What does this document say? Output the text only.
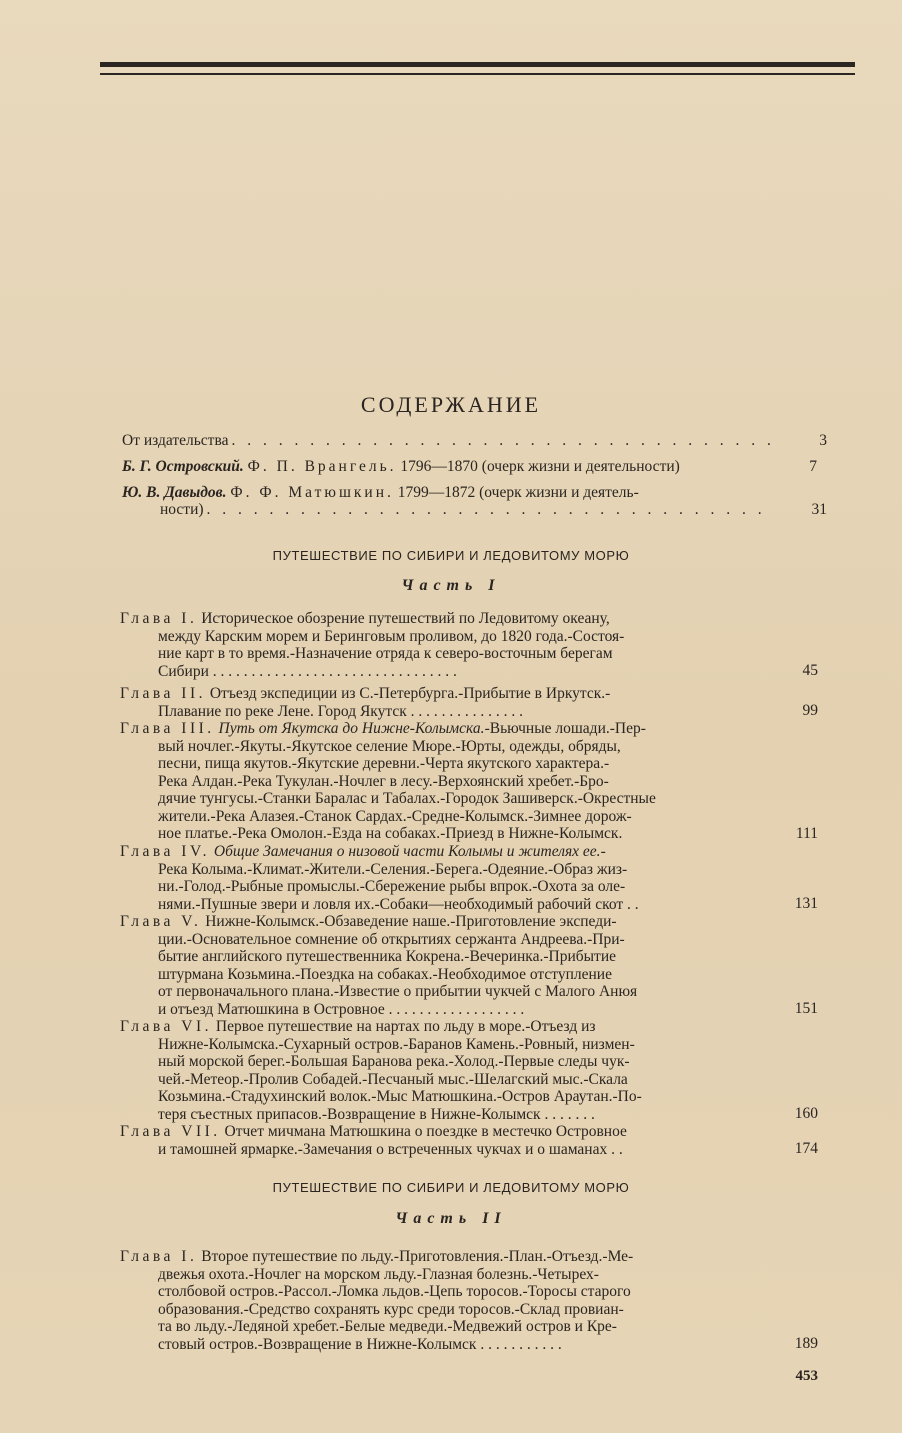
СОДЕРЖАНИЕ
От издательства . . .	3
Б. Г. Островский.
Ф. П. Врангель.
1796—1870 (очерк жизни и деятельности)	7
Ю. В. Давыдов.
Ф. Ф. Матюшкин.
1799—1872 (очерк жизни и деятель-
ности) . . .	31
ПУТЕШЕСТВИЕ ПО СИБИРИ И ЛЕДОВИТОМУ МОРЮ
Часть I
Глава I. Историческое обозрение путешествий по Ледовитому океану,
между Карским морем и Беринговым проливом, до 1820 года.-Состоя-
ние карт в то время.-Назначение отряда к северо-восточным берегам
Сибири . . . . . . . . . . . . . . . . . . . . . . . . . . . . . . . .	45
Глава II. Отъезд экспедиции из С.-Петербурга.-Прибытие в Иркутск.-
Плавание по реке Лене. Город Якутск . . . . . . . . . . . . . . .	99
Глава III. Путь от Якутска до Нижне-Колымска.-Вьючные лошади.-Пер-
вый ночлег.-Якуты.-Якутское селение Мюре.-Юрты, одежды, обряды,
песни, пища якутов.-Якутские деревни.-Черта якутского характера.-
Река Алдан.-Река Тукулан.-Ночлег в лесу.-Верхоянский хребет.-Бро-
дячие тунгусы.-Станки Баралас и Табалах.-Городок Зашиверск.-Окрестные
жители.-Река Алазея.-Станок Сардах.-Средне-Колымск.-Зимнее дорож-
ное платье.-Река Омолон.-Езда на собаках.-Приезд в Нижне-Колымск.	111
Глава IV. Общие Замечания о низовой части Колымы и жителях ее.-
Река Колыма.-Климат.-Жители.-Селения.-Берега.-Одеяние.-Образ жиз-
ни.-Голод.-Рыбные промыслы.-Сбережение рыбы впрок.-Охота за оле-
нями.-Пушные звери и ловля их.-Собаки—необходимый рабочий скот . .	131
Глава V. Нижне-Колымск.-Обзаведение наше.-Приготовление экспеди-
ции.-Основательное сомнение об открытиях сержанта Андреева.-При-
бытие английского путешественника Кокрена.-Вечеринка.-Прибытие
штурмана Козьмина.-Поездка на собаках.-Необходимое отступление
от первоначального плана.-Известие о прибытии чукчей с Малого Анюя
и отъезд Матюшкина в Островное . . . . . . . . . . . . . . . . . .	151
Глава VI. Первое путешествие на нартах по льду в море.-Отъезд из
Нижне-Колымска.-Сухарный остров.-Баранов Камень.-Ровный, низмен-
ный морской берег.-Большая Баранова река.-Холод.-Первые следы чук-
чей.-Метеор.-Пролив Собадей.-Песчаный мыс.-Шелагский мыс.-Скала
Козьмина.-Стадухинский волок.-Мыс Матюшкина.-Остров Араутан.-По-
теря съестных припасов.-Возвращение в Нижне-Колымск . . . . . . .	160
Глава VII. Отчет мичмана Матюшкина о поездке в местечко Островное
и тамошней ярмарке.-Замечания о встреченных чукчах и о шаманах . .	174
ПУТЕШЕСТВИЕ ПО СИБИРИ И ЛЕДОВИТОМУ МОРЮ
Часть II
Глава I. Второе путешествие по льду.-Приготовления.-План.-Отъезд.-Ме-
двежья охота.-Ночлег на морском льду.-Глазная болезнь.-Четырех-
столбовой остров.-Рассол.-Ломка льдов.-Цепь торосов.-Торосы старого
образования.-Средство сохранять курс среди торосов.-Склад провиан-
та во льду.-Ледяной хребет.-Белые медведи.-Медвежий остров и Кре-
стовый остров.-Возвращение в Нижне-Колымск . . . . . . . . . . .	189
453
